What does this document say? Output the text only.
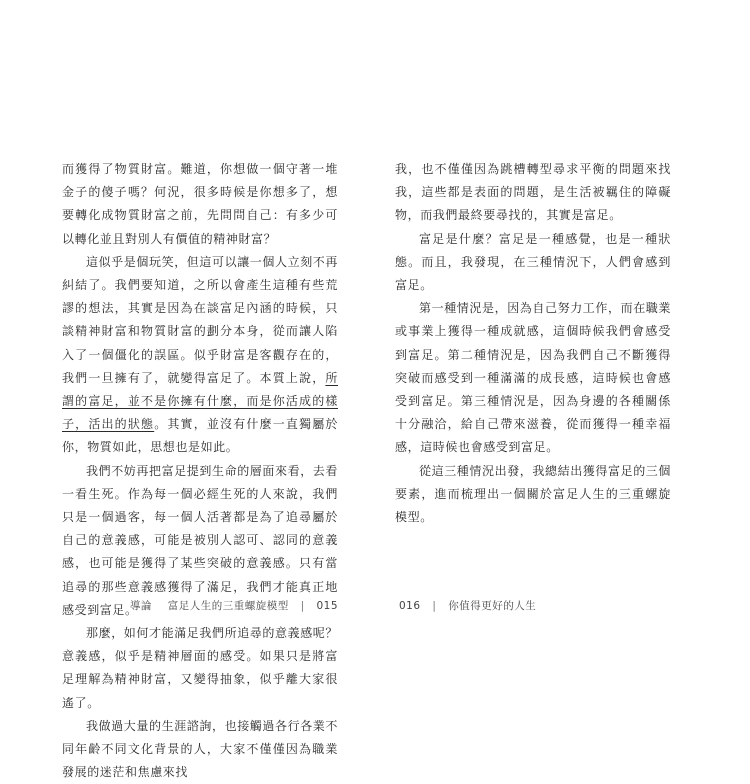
而獲得了物質財富。難道，你想做一個守著一堆金子的傻子嗎？何況，很多時候是你想多了，想要轉化成物質財富之前，先問問自己：有多少可以轉化並且對別人有價值的精神財富？

這似乎是個玩笑，但這可以讓一個人立刻不再糾結了。我們要知道，之所以會產生這種有些荒謬的想法，其實是因為在談富足內涵的時候，只談精神財富和物質財富的劃分本身，從而讓人陷入了一個僵化的誤區。似乎財富是客觀存在的，我們一旦擁有了，就變得富足了。本質上說，所謂的富足，並不是你擁有什麼，而是你活成的樣子，活出的狀態。其實，並沒有什麼一直獨屬於你，物質如此，思想也是如此。

我們不妨再把富足提到生命的層面來看，去看一看生死。作為每一個必經生死的人來說，我們只是一個過客，每一個人活著都是為了追尋屬於自己的意義感，可能是被別人認可、認同的意義感，也可能是獲得了某些突破的意義感。只有當追尋的那些意義感獲得了滿足，我們才能真正地感受到富足。

那麼，如何才能滿足我們所追尋的意義感呢？意義感，似乎是精神層面的感受。如果只是將富足理解為精神財富，又變得抽象，似乎離大家很遙了。

我做過大量的生涯諮詢，也接觸過各行各業不同年齡不同文化背景的人，大家不僅僅因為職業發展的迷茫和焦慮來找

導論 富足人生的三重螺旋模型 | 015

我，也不僅僅因為跳槽轉型尋求平衡的問題來找我，這些都是表面的問題，是生活被羈住的障礙物，而我們最終要尋找的，其實是富足。

富足是什麼？富足是一種感覺，也是一種狀態。而且，我發現，在三種情況下，人們會感到富足。

第一種情況是，因為自己努力工作，而在職業或事業上獲得一種成就感，這個時候我們會感受到富足。第二種情況是，因為我們自己不斷獲得突破而感受到一種滿滿的成長感，這時候也會感受到富足。第三種情況是，因為身邊的各種關係十分融洽，給自己帶來滋養，從而獲得一種幸福感，這時候也會感受到富足。

從這三種情況出發，我總結出獲得富足的三個要素，進而梳理出一個關於富足人生的三重螺旋模型。

016 | 你值得更好的人生
